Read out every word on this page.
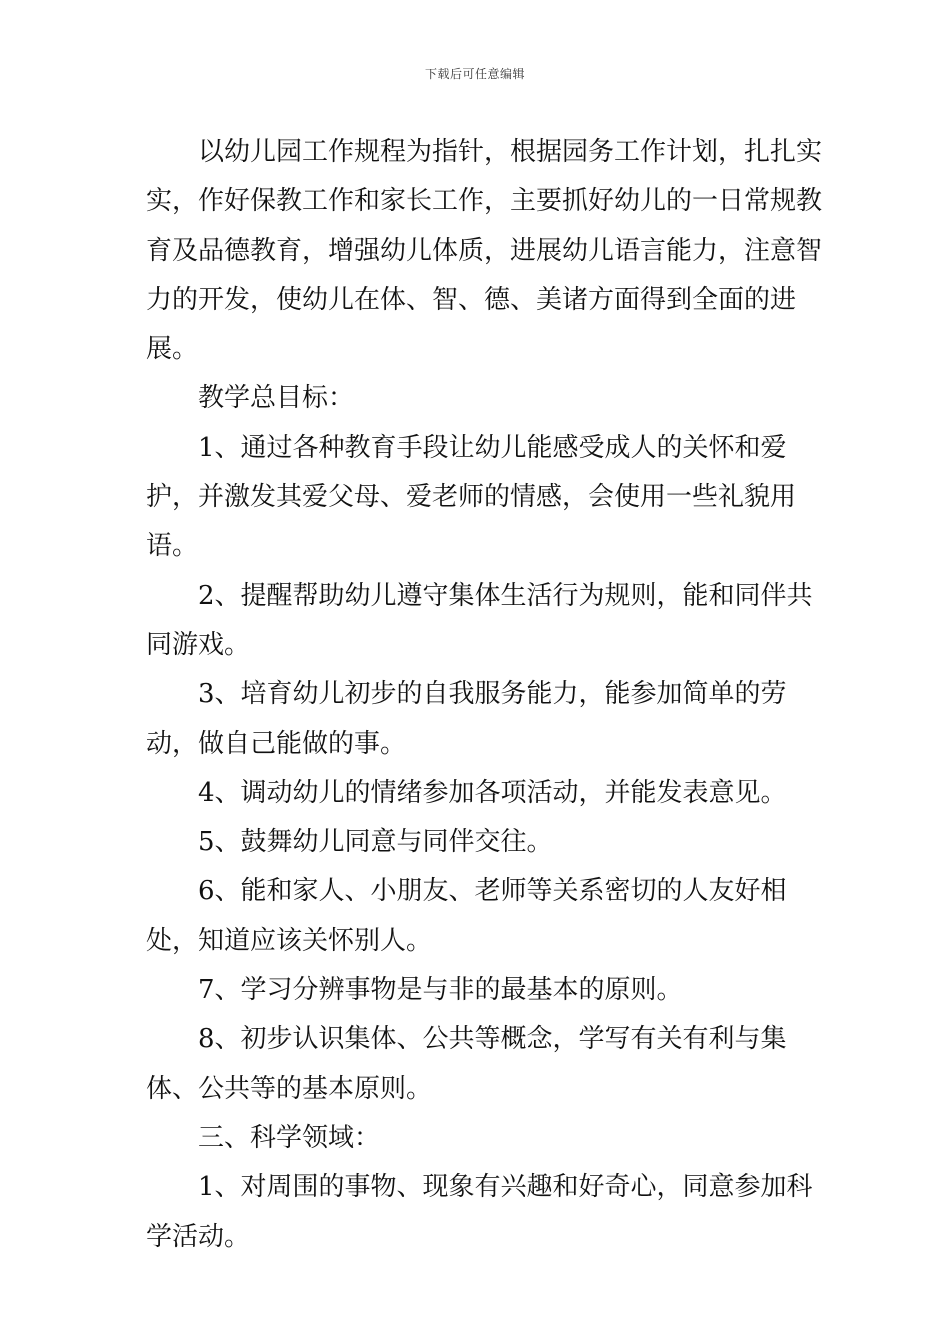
下载后可任意编辑

以幼儿园工作规程为指针，根据园务工作计划，扎扎实实，作好保教工作和家长工作，主要抓好幼儿的一日常规教育及品德教育，增强幼儿体质，进展幼儿语言能力，注意智力的开发，使幼儿在体、智、德、美诸方面得到全面的进展。

教学总目标：

1、通过各种教育手段让幼儿能感受成人的关怀和爱护，并激发其爱父母、爱老师的情感，会使用一些礼貌用语。

2、提醒帮助幼儿遵守集体生活行为规则，能和同伴共同游戏。

3、培育幼儿初步的自我服务能力，能参加简单的劳动，做自己能做的事。

4、调动幼儿的情绪参加各项活动，并能发表意见。

5、鼓舞幼儿同意与同伴交往。

6、能和家人、小朋友、老师等关系密切的人友好相处，知道应该关怀别人。

7、学习分辨事物是与非的最基本的原则。

8、初步认识集体、公共等概念，学写有关有利与集体、公共等的基本原则。

三、科学领域：

1、对周围的事物、现象有兴趣和好奇心，同意参加科学活动。
